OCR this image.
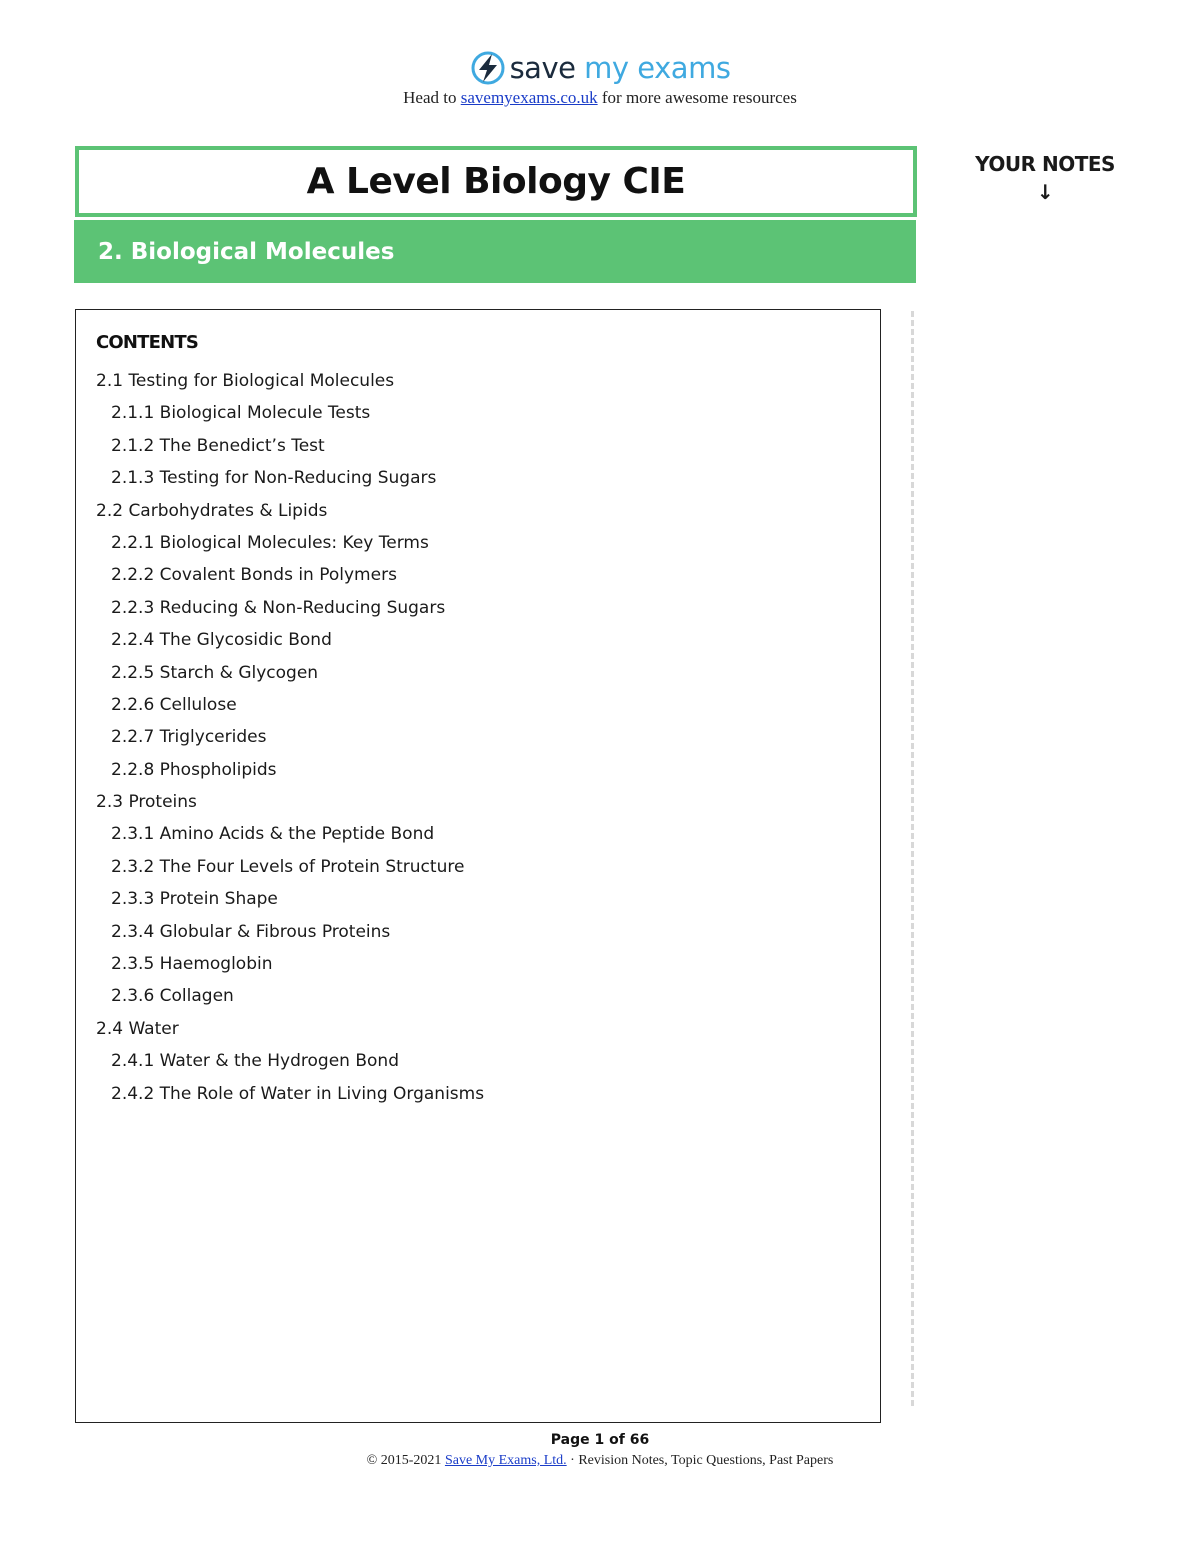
save my exams
Head to savemyexams.co.uk for more awesome resources
A Level Biology CIE
2. Biological Molecules
YOUR NOTES
↓
CONTENTS
2.1 Testing for Biological Molecules
2.1.1 Biological Molecule Tests
2.1.2 The Benedict’s Test
2.1.3 Testing for Non-Reducing Sugars
2.2 Carbohydrates & Lipids
2.2.1 Biological Molecules: Key Terms
2.2.2 Covalent Bonds in Polymers
2.2.3 Reducing & Non-Reducing Sugars
2.2.4 The Glycosidic Bond
2.2.5 Starch & Glycogen
2.2.6 Cellulose
2.2.7 Triglycerides
2.2.8 Phospholipids
2.3 Proteins
2.3.1 Amino Acids & the Peptide Bond
2.3.2 The Four Levels of Protein Structure
2.3.3 Protein Shape
2.3.4 Globular & Fibrous Proteins
2.3.5 Haemoglobin
2.3.6 Collagen
2.4 Water
2.4.1 Water & the Hydrogen Bond
2.4.2 The Role of Water in Living Organisms
Page 1 of 66
© 2015-2021 Save My Exams, Ltd. · Revision Notes, Topic Questions, Past Papers
